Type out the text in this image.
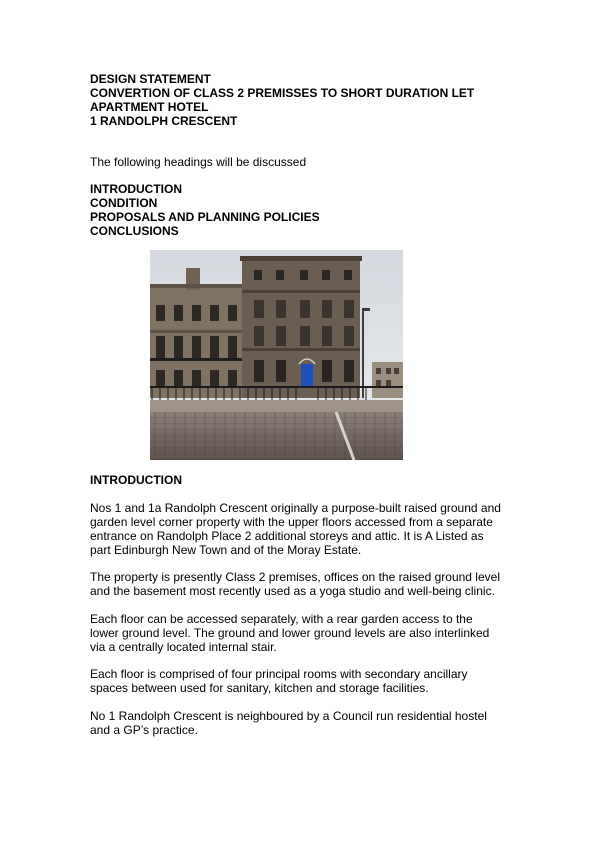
DESIGN STATEMENT
CONVERTION OF CLASS 2 PREMISSES TO SHORT DURATION LET
APARTMENT HOTEL
1 RANDOLPH CRESCENT
The following headings will be discussed
INTRODUCTION
CONDITION
PROPOSALS AND PLANNING POLICIES
CONCLUSIONS
INTRODUCTION
Nos 1 and 1a Randolph Crescent originally a purpose-built raised ground and
garden level corner property with the upper floors accessed from a separate
entrance on Randolph Place 2 additional storeys and attic. It is A Listed as
part Edinburgh New Town and of the Moray Estate.
The property is presently Class 2 premises, offices on the raised ground level
and the basement most recently used as a yoga studio and well-being clinic.
Each floor can be accessed separately, with a rear garden access to the
lower ground level. The ground and lower ground levels are also interlinked
via a centrally located internal stair.
Each floor is comprised of four principal rooms with secondary ancillary
spaces between used for sanitary, kitchen and storage facilities.
No 1 Randolph Crescent is neighboured by a Council run residential hostel
and a GP’s practice.
